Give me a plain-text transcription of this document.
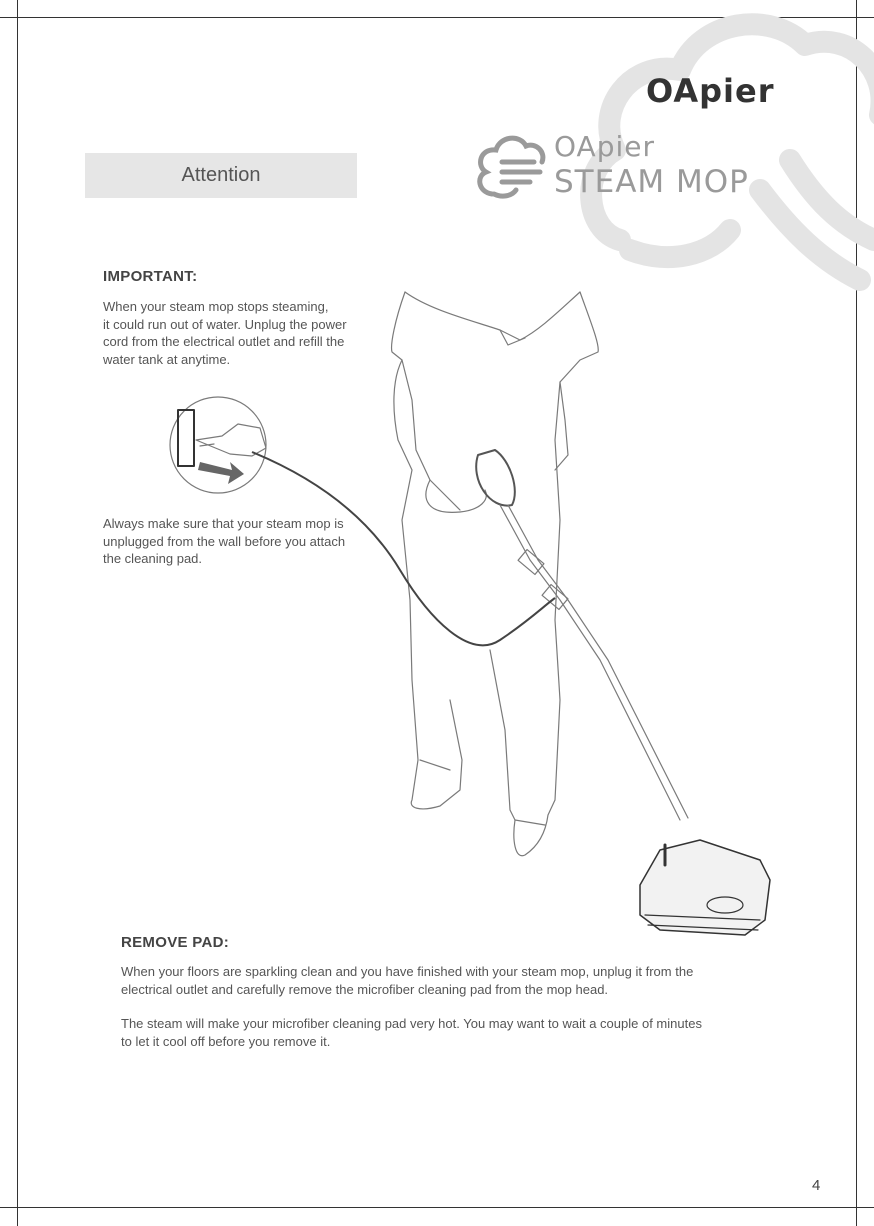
OApier
Attention
OApier
STEAM MOP
IMPORTANT:
When your steam mop stops steaming,
it could run out of water. Unplug the power
cord from the electrical outlet and refill the
water tank at anytime.
Always make sure that your steam mop is
unplugged from the wall before you attach
the cleaning pad.
REMOVE PAD:
When your floors are sparkling clean and you have finished with your steam mop, unplug it from the
electrical outlet and carefully remove the microfiber cleaning pad from the mop head.
The steam will make your microfiber cleaning pad very hot. You may want to wait a couple of minutes
to let it cool off before you remove it.
4
